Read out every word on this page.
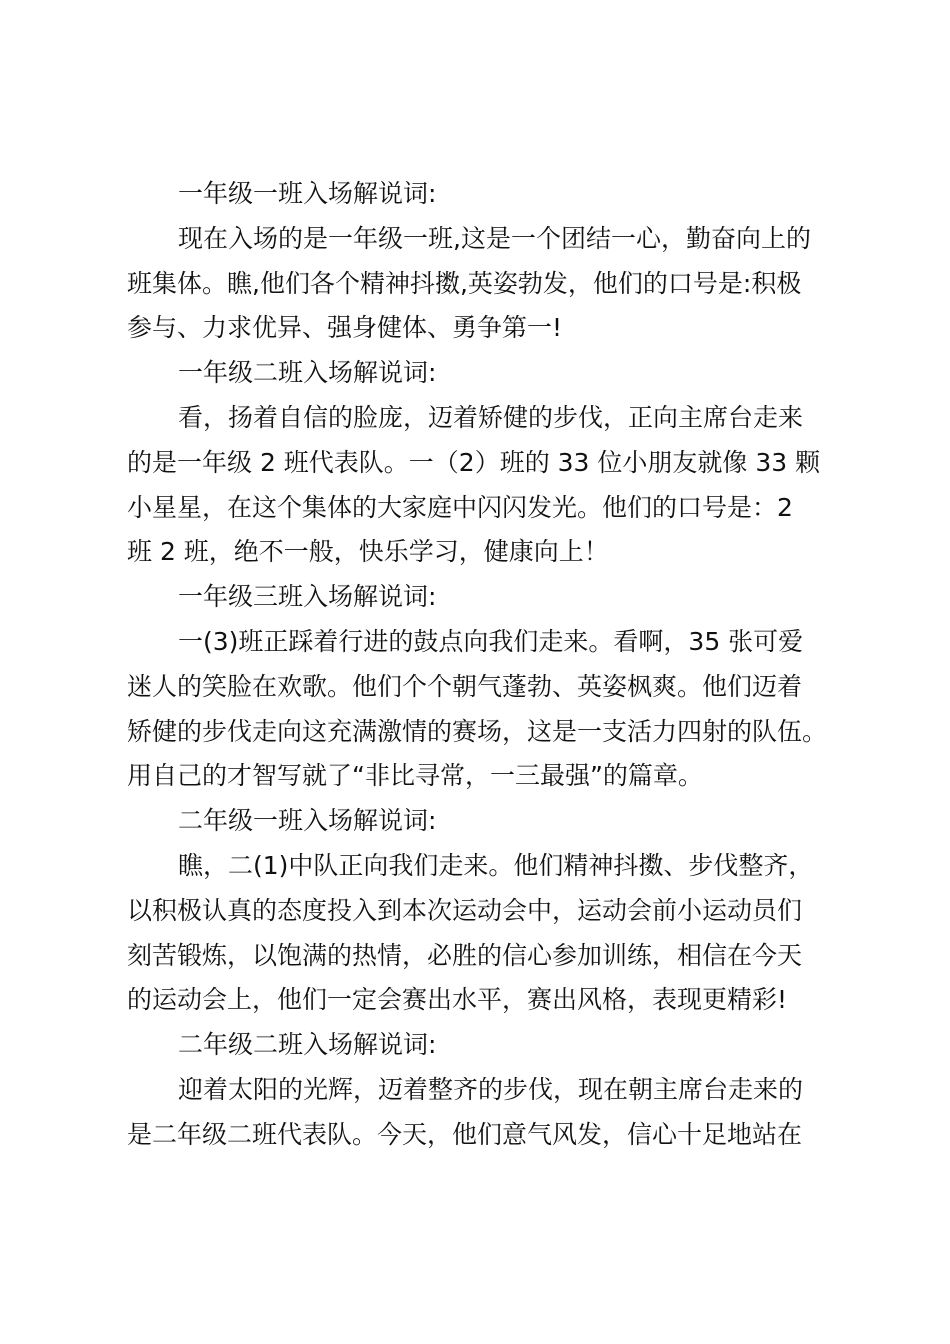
一年级一班入场解说词:
现在入场的是一年级一班,这是一个团结一心，勤奋向上的
班集体。瞧,他们各个精神抖擞,英姿勃发，他们的口号是:积极
参与、力求优异、强身健体、勇争第一!
一年级二班入场解说词:
看，扬着自信的脸庞，迈着矫健的步伐，正向主席台走来
的是一年级 2 班代表队。一（2）班的 33 位小朋友就像 33 颗
小星星，在这个集体的大家庭中闪闪发光。他们的口号是：2
班 2 班，绝不一般，快乐学习，健康向上！
一年级三班入场解说词:
一(3)班正踩着行进的鼓点向我们走来。看啊，35 张可爱
迷人的笑脸在欢歌。他们个个朝气蓬勃、英姿枫爽。他们迈着
矫健的步伐走向这充满激情的赛场，这是一支活力四射的队伍。
用自己的才智写就了“非比寻常，一三最强”的篇章。
二年级一班入场解说词:
瞧，二(1)中队正向我们走来。他们精神抖擞、步伐整齐，
以积极认真的态度投入到本次运动会中，运动会前小运动员们
刻苦锻炼，以饱满的热情，必胜的信心参加训练，相信在今天
的运动会上，他们一定会赛出水平，赛出风格，表现更精彩!
二年级二班入场解说词:
迎着太阳的光辉，迈着整齐的步伐，现在朝主席台走来的
是二年级二班代表队。今天，他们意气风发，信心十足地站在
